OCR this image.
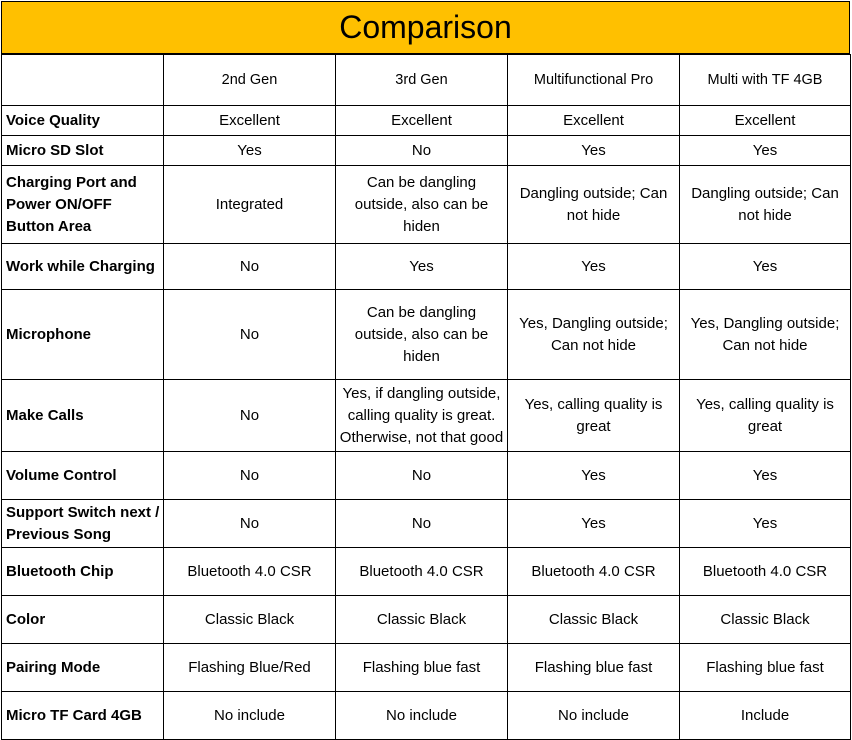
Comparison
	2nd Gen	3rd Gen	Multifunctional Pro	Multi with TF 4GB
Voice Quality	Excellent	Excellent	Excellent	Excellent
Micro SD Slot	Yes	No	Yes	Yes
Charging Port and Power ON/OFF Button Area	Integrated	Can be dangling outside, also can be hiden	Dangling outside; Can not hide	Dangling outside; Can not hide
Work while Charging	No	Yes	Yes	Yes
Microphone	No	Can be dangling outside, also can be hiden	Yes, Dangling outside; Can not hide	Yes, Dangling outside; Can not hide
Make Calls	No	Yes, if dangling outside, calling quality is great. Otherwise, not that good	Yes, calling quality is great	Yes, calling quality is great
Volume Control	No	No	Yes	Yes
Support Switch next / Previous Song	No	No	Yes	Yes
Bluetooth Chip	Bluetooth 4.0 CSR	Bluetooth 4.0 CSR	Bluetooth 4.0 CSR	Bluetooth 4.0 CSR
Color	Classic Black	Classic Black	Classic Black	Classic Black
Pairing Mode	Flashing Blue/Red	Flashing blue fast	Flashing blue fast	Flashing blue fast
Micro TF Card 4GB	No include	No include	No include	Include
